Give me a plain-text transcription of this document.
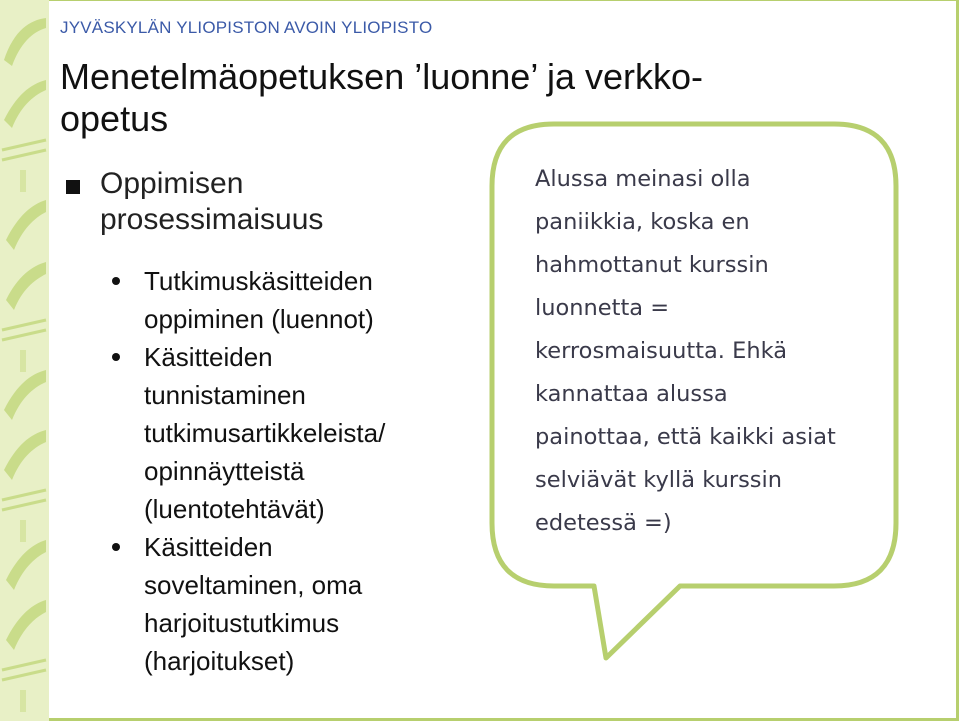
JYVÄSKYLÄN YLIOPISTON AVOIN YLIOPISTO
Menetelmäopetuksen ’luonne’ ja verkko-
opetus
Oppimisen
prosessimaisuus
Tutkimuskäsitteiden
oppiminen (luennot)
Käsitteiden
tunnistaminen
tutkimusartikkeleista/
opinnäytteistä
(luentotehtävät)
Käsitteiden
soveltaminen, oma
harjoitustutkimus
(harjoitukset)
Alussa meinasi olla
paniikkia, koska en
hahmottanut kurssin
luonnetta =
kerrosmaisuutta. Ehkä
kannattaa alussa
painottaa, että kaikki asiat
selviävät kyllä kurssin
edetessä =)
